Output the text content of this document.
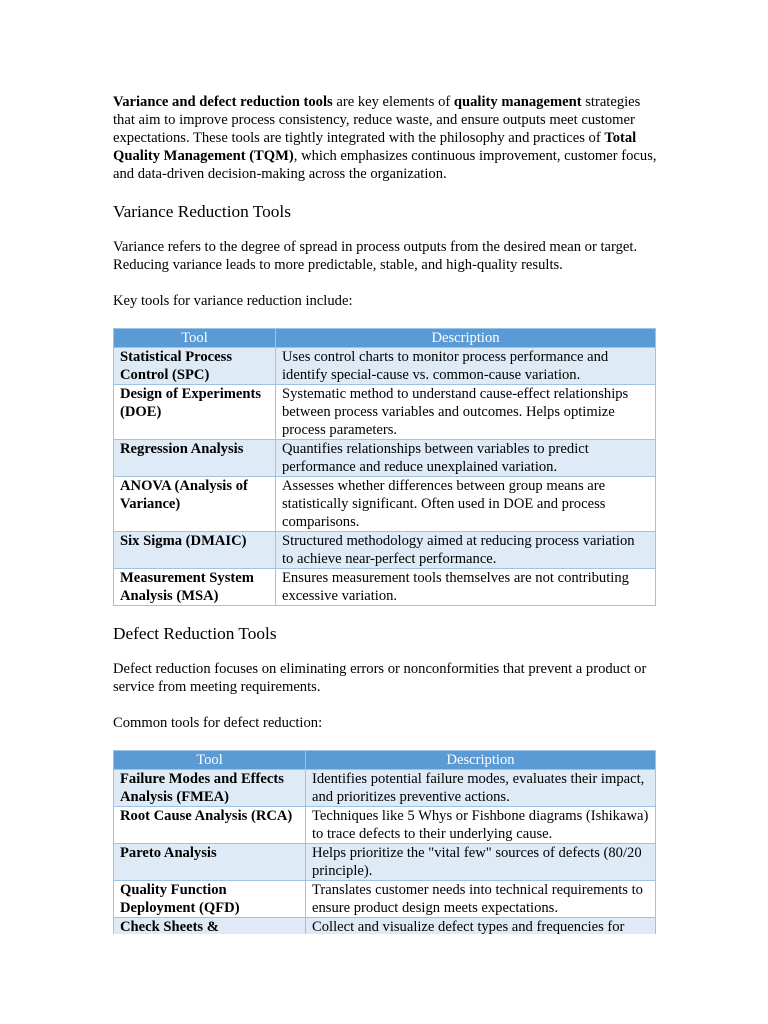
Variance and defect reduction tools are key elements of quality management strategies that aim to improve process consistency, reduce waste, and ensure outputs meet customer expectations. These tools are tightly integrated with the philosophy and practices of Total Quality Management (TQM), which emphasizes continuous improvement, customer focus, and data-driven decision-making across the organization.

Variance Reduction Tools

Variance refers to the degree of spread in process outputs from the desired mean or target. Reducing variance leads to more predictable, stable, and high-quality results.

Key tools for variance reduction include:

Tool	Description
Statistical Process Control (SPC)	Uses control charts to monitor process performance and identify special-cause vs. common-cause variation.
Design of Experiments (DOE)	Systematic method to understand cause-effect relationships between process variables and outcomes. Helps optimize process parameters.
Regression Analysis	Quantifies relationships between variables to predict performance and reduce unexplained variation.
ANOVA (Analysis of Variance)	Assesses whether differences between group means are statistically significant. Often used in DOE and process comparisons.
Six Sigma (DMAIC)	Structured methodology aimed at reducing process variation to achieve near-perfect performance.
Measurement System Analysis (MSA)	Ensures measurement tools themselves are not contributing excessive variation.
Defect Reduction Tools

Defect reduction focuses on eliminating errors or nonconformities that prevent a product or service from meeting requirements.

Common tools for defect reduction:

Tool	Description
Failure Modes and Effects Analysis (FMEA)	Identifies potential failure modes, evaluates their impact, and prioritizes preventive actions.
Root Cause Analysis (RCA)	Techniques like 5 Whys or Fishbone diagrams (Ishikawa) to trace defects to their underlying cause.
Pareto Analysis	Helps prioritize the "vital few" sources of defects (80/20 principle).
Quality Function Deployment (QFD)	Translates customer needs into technical requirements to ensure product design meets expectations.
Check Sheets &	Collect and visualize defect types and frequencies for
